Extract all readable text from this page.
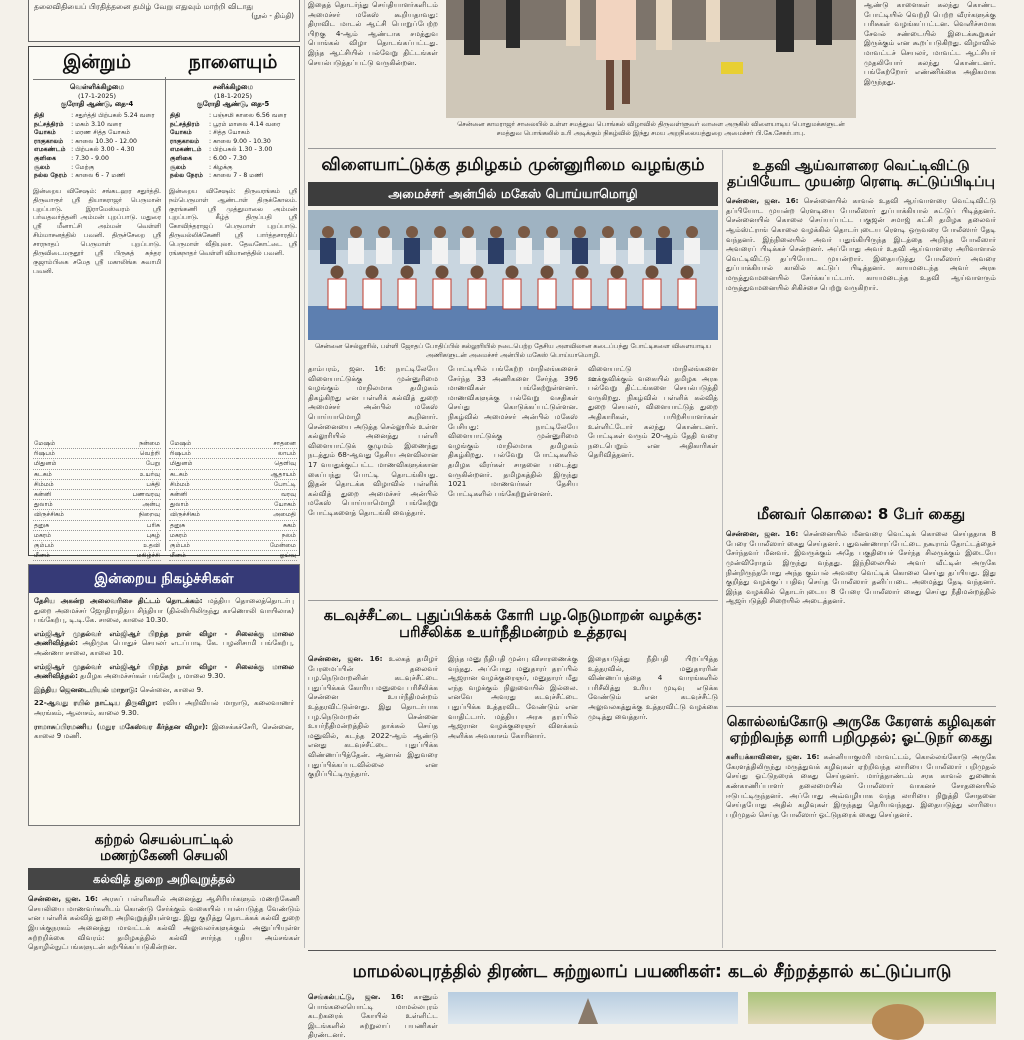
தலைவிதியைப் பிரதித்தனை தமிழ் வேறு எதுவும் மாற்றி விடாது
(நூல் - திம்தி)
இன்றும்	நாளையும்
வெள்ளிக்கிழமை
(17-1-2025)
குரோதி ஆண்டு, தை-4
திதி	: சதுர்த்தி பிற்பகல் 5.24 வரை
நட்சத்திரம்	: மகம் 3.10 வரை
யோகம்	: மரண சித்த யோகம்
ராகுகாலம்	: காலை 10.30 - 12.00
எமகண்டம்	: பிற்பகல் 3.00 - 4.30
குளிகை	: 7.30 - 9.00
சூலம்	: மேற்கு
நல்ல நேரம்	: காலை 6 - 7 மணி
இன்றைய விசேஷம்: சங்கடஹர சதுர்த்தி. திருவாரூர் ஸ்ரீ தியாகராஜர் பெருமான் புறப்பாடு. இராமேஸ்வரம் ஸ்ரீ பர்வதவர்த்தனி அம்மன் புறப்பாடு. மதுரை ஸ்ரீ மீனாட்சி அம்மன் வெள்ளி சிம்மாசனத்தில் பவனி. திருச்சேறை ஸ்ரீ சாரநாதப் பெருமாள் புறப்பாடு. திருவிடைமருதூர் ஸ்ரீ பிருகத் சுந்தர குஜாம்பிகை சமேத ஸ்ரீ மகாலிங்க சுவாமி பவனி.
சனிக்கிழமை
(18-1-2025)
குரோதி ஆண்டு, தை-5
திதி	: பஞ்சமி காலை 6.56 வரை
நட்சத்திரம்	: பூரம் மாலை 4.14 வரை
யோகம்	: சித்த யோகம்
ராகுகாலம்	: காலை 9.00 - 10.30
எமகண்டம்	: பிற்பகல் 1.30 - 3.00
குளிகை	: 6.00 - 7.30
சூலம்	: கிழக்கு
நல்ல நேரம்	: காலை 7 - 8 மணி
இன்றைய விசேஷம்: திருவரங்கம் ஸ்ரீ நம்பெருமாள் ஆண்டாள் திருக்கோலம். குரங்கணி ஸ்ரீ முத்துமாலை அம்மன் புறப்பாடு. கீழ்த் திருப்பதி ஸ்ரீ கோவிந்தராஜப் பெருமாள் புறப்பாடு. திருவல்லிக்கேணி ஸ்ரீ பார்த்தசாரதிப் பெருமாள் வீதியுலா. தேவகோட்டை ஸ்ரீ ரங்கநாதர் வெள்ளி விமானத்தில் பவனி.
மேஷம்	நன்மை
ரிஷபம்	வெற்றி
மிதுனம்	பேறு
கடகம்	உயர்வு
சிம்மம்	பக்தி
கன்னி	பணவரவு
துலாம்	அன்பு
விருச்சிகம்	நிறைவு
தனுசு	பரிசு
மகரம்	புகழ்
கும்பம்	உதவி
மீனம்	மகிழ்ச்சி
மேஷம்	சாதனை
ரிஷபம்	லாபம்
மிதுனம்	தெளிவு
கடகம்	ஆதாயம்
சிம்மம்	போட்டி
கன்னி	வரவு
துலாம்	யோகம்
விருச்சிகம்	அமைதி
தனுசு	சுகம்
மகரம்	நலம்
கும்பம்	மேன்மை
மீனம்	ஓய்வு
இன்றைய நிகழ்ச்சிகள்

தேசிய அகன்ற அலைவரிசை திட்டம் தொடக்கம்: மத்திய தொலைத்தொடர்பு துறை அமைச்சர் ஜோதிராதித்ய சிந்தியா (தில்லியிலிருந்து காணொலி வாயிலாக) பங்கேற்பு, டி.டி.கே. சாலை, காலை 10.30.

எம்ஜிஆர் முதல்வர் எம்ஜிஆர் பிறந்த நாள் விழா - சிலைக்கு மாலை அணிவித்தல்: அதிமுக பொதுச் செயலர் எடப்பாடி கே. பழனிசாமி பங்கேற்பு, அண்ணா சாலை, காலை 10.

எம்ஜிஆர் முதல்வர் எம்ஜிஆர் பிறந்த நாள் விழா - சிலைக்கு மாலை அணிவித்தல்: தமிழக அமைச்சர்கள் பங்கேற்பு, மாலை 9.30.

இந்திய ஜெனடையியல் மாநாடு: சென்னை, காலை 9.

22-ஆவது ரயில் நாட்டிய திருவிழா: ரவிய அறிவியல் மாநாடு, கலைவாணர் அரங்கம், ஆலாசம், காலை 9.30.

ராமாசுப்பிரமணிய (மதுர மகேஸ்வர கீர்த்தன விழா): இசைக்கச்சேரி, சென்னை, காலை 9 மணி.

கற்றல் செயல்பாட்டில்
மணற்கேணி செயலி
கல்வித் துறை அறிவுறுத்தல்
சென்னை, ஜன. 16: அரசுப் பள்ளிகளில் அனைத்து ஆசிரியர்களும் மணற்கேணி செயலியை மாணவர்களிடம் கொண்டு சேர்க்கும் வகையில் பயன்படுத்த வேண்டும் என பள்ளிக் கல்வித் துறை அறிவுறுத்தியுள்ளது. இது குறித்து தொடக்கக் கல்வி துறை இயக்குநரகம் அனைத்து மாவட்டக் கல்வி அலுவலர்களுக்கும் அனுப்பியுள்ள சுற்றறிக்கை விவரம்: தமிழகத்தில் கல்வி சார்ந்த புதிய அம்சங்கள் தொழில்நுட்பங்களுடன் கற்பிக்கப்படுகின்றன.
இதைத் தொடர்ந்து செய்தியாளர்களிடம் அமைச்சர் மகேஸ் கூறியதாவது: திராவிட மாடல் ஆட்சி பொறுப்பேற்ற பிறகு 4-ஆம் ஆண்டாக சமத்துவ பொங்கல் விழா தொடங்கப்பட்டது. இந்த ஆட்சியில் பல்வேறு திட்டங்கள் செயல்படுத்தப்பட்டு வருகின்றன.
சென்னை காமராஜர் சாலையில் உள்ள சமத்துவ பொங்கல் விழாவில் திருவள்ளுவர் வாளை அருகில் விளையாடிய பொதுமக்களுடன் சமத்துவ பொங்கலில் உரி அடிக்கும் நிகழ்வில் இந்து சமய அறநிலையத்துறை அமைச்சர் பி.கே.சேகர்பாபு.
ஆண்டு காளைகள் கலந்து கொண்ட போட்டியில் வெற்றி பெற்ற வீரர்களுக்கு பரிசுகள் வழங்கப்பட்டன. வெளிச்சமாக சேவல் சண்டையில் இடைக்கூறுகள் இருக்கும் என கூறப்படுகிறது. விழாவில் மாவட்டச் செயலர், மாவட்ட ஆட்சியர் முதலியோர் கலந்து கொண்டனர். பங்கேற்றோர் எண்ணிக்கை அதிகமாக இருந்தது.
விளையாட்டுக்கு தமிழகம் முன்னுரிமை வழங்கும்
அமைச்சர் அன்பில் மகேஸ் பொய்யாமொழி
சென்னை செல்லூரில், பள்ளி ஜோதப் போதிப்பில் கல்லூரியில் நடைபெற்ற தேசிய அளவிலான கடைப்பந்து போட்டிகளை விளையாடிய அணிகளுடன் அமைச்சர் அன்பில் மகேஸ் பொய்யாமொழி.
தாம்பரம், ஜன. 16: நாட்டிலேயே விளையாட்டுக்கு முன்னுரிமை வழங்கும் மாநிலமாக தமிழகம் திகழ்கிறது என பள்ளிக் கல்வித் துறை அமைச்சர் அன்பில் மகேஸ் பொய்யாமொழி கூறினார். சென்னையை அடுத்த செல்லூரில் உள்ள கல்லூரியில் அனைத்து பள்ளி விளையாட்டுக் குழுமம் இணைந்து நடத்தும் 68-ஆவது தேசிய அளவிலான 17 வயதுக்குட்பட்ட மாணவிகளுக்கான கைப்பந்து போட்டி தொடங்கியது. இதன் தொடக்க விழாவில் பள்ளிக் கல்வித் துறை அமைச்சர் அன்பில் மகேஸ் பொய்யாமொழி பங்கேற்று போட்டிகளைத் தொடங்கி வைத்தார்.
போட்டியில் பங்கேற்ற மாநிலங்களைச் சேர்ந்த 33 அணிகளை சேர்ந்த 396 மாணவிகள் பங்கேற்றுள்ளனர். மாணவிகளுக்கு பல்வேறு வசதிகள் செய்து கொடுக்கப்பட்டுள்ளன. நிகழ்வில் அமைச்சர் அன்பில் மகேஸ் பேசியது: நாட்டிலேயே விளையாட்டுக்கு முன்னுரிமை வழங்கும் மாநிலமாக தமிழகம் திகழ்கிறது. பல்வேறு போட்டிகளில் தமிழக வீரர்கள் சாதனை படைத்து வருகின்றனர். தமிழகத்தில் இருந்து 1021 மாணவர்கள் தேசிய போட்டிகளில் பங்கேற்றுள்ளனர்.
விளையாட்டு மாநிலங்களை ஊக்குவிக்கும் வகையில் தமிழக அரசு பல்வேறு திட்டங்களை செயல்படுத்தி வருகிறது. நிகழ்வில் பள்ளிக் கல்வித் துறை செயலர், விளையாட்டுத் துறை அதிகாரிகள், பயிற்சியாளர்கள் உள்ளிட்டோர் கலந்து கொண்டனர். போட்டிகள் வரும் 20-ஆம் தேதி வரை நடைபெறும் என அதிகாரிகள் தெரிவித்தனர்.
உதவி ஆய்வாளரை வெட்டிவிட்டு
தப்பியோட முயன்ற ரௌடி சுட்டுப்பிடிப்பு
சென்னை, ஜன. 16: சென்னையில் காவல் உதவி ஆய்வாளரை வெட்டிவிட்டு தப்பியோட முயன்ற ரௌடியை போலீஸார் துப்பாக்கியால் சுட்டுப் பிடித்தனர். சென்னையில் கொலை செய்யப்பட்ட பகுஜன் சமாஜ் கட்சி தமிழக தலைவர் ஆம்ஸ்ட்ராங் கொலை வழக்கில் தொடர்புடைய ரௌடி ஒருவரை போலீஸார் தேடி வந்தனர். இந்நிலையில் அவர் பதுங்கியிருந்த இடத்தை அறிந்த போலீஸார் அவரைப் பிடிக்கச் சென்றனர். அப்போது அவர் உதவி ஆய்வாளரை அரிவாளால் வெட்டிவிட்டு தப்பியோட முயன்றார். இதையடுத்து போலீஸார் அவரை துப்பாக்கியால் காலில் சுட்டுப் பிடித்தனர். காயமடைந்த அவர் அரசு மருத்துவமனையில் சேர்க்கப்பட்டார். காயமடைந்த உதவி ஆய்வாளரும் மருத்துவமனையில் சிகிச்சை பெற்று வருகிறார்.
மீனவர் கொலை: 8 பேர் கைது
சென்னை, ஜன. 16: சென்னையில் மீனவரை வெட்டிக் கொலை செய்ததாக 8 பேரை போலீஸார் கைது செய்தனர். புதுவண்ணாரப்பேட்டை நகூராம் தோட்டத்தைச் சேர்ந்தவர் மீனவர். இவருக்கும் அதே பகுதியைச் சேர்ந்த சிலருக்கும் இடையே முன்விரோதம் இருந்து வந்தது. இந்நிலையில் அவர் வீட்டின் அருகே நின்றிருந்தபோது அந்த கும்பல் அவரை வெட்டிக் கொலை செய்து தப்பியது. இது குறித்து வழக்குப் பதிவு செய்த போலீஸார் தனிப்படை அமைத்து தேடி வந்தனர். இந்த வழக்கில் தொடர்புடைய 8 பேரை போலீஸார் கைது செய்து நீதிமன்றத்தில் ஆஜர்படுத்தி சிறையில் அடைத்தனர்.
கொல்லங்கோடு அருகே கேரளக் கழிவுகள்
ஏற்றிவந்த லாரி பறிமுதல்; ஓட்டுநர் கைது
களியக்காவிளை, ஜன. 16: கன்னியாகுமரி மாவட்டம், கொல்லங்கோடு அருகே கேரளத்திலிருந்து மருத்துவக் கழிவுகள் ஏற்றிவந்த லாரியை போலீஸார் பறிமுதல் செய்து ஓட்டுநரைக் கைது செய்தனர். மார்த்தாண்டம் சரக காவல் துணைக் கண்காணிப்பாளர் தலைமையில் போலீஸார் வாகனச் சோதனையில் ஈடுபட்டிருந்தனர். அப்போது அவ்வழியாக வந்த லாரியை நிறுத்தி சோதனை செய்தபோது அதில் கழிவுகள் இருந்தது தெரியவந்தது. இதையடுத்து லாரியை பறிமுதல் செய்த போலீஸார் ஓட்டுநரைக் கைது செய்தனர்.
கடவுச்சீட்டை புதுப்பிக்கக் கோரி பழ.நெடுமாறன் வழக்கு:
பரிசீலிக்க உயர்நீதிமன்றம் உத்தரவு
சென்னை, ஜன. 16: உலகத் தமிழர் பேரமைப்பின் தலைவர் பழ.நெடுமாறனின் கடவுச்சீட்டை புதுப்பிக்கக் கோரிய மனுவை பரிசீலிக்க சென்னை உயர்நீதிமன்றம் உத்தரவிட்டுள்ளது. இது தொடர்பாக பழ.நெடுமாறன் சென்னை உயர்நீதிமன்றத்தில் தாக்கல் செய்த மனுவில், கடந்த 2022-ஆம் ஆண்டு எனது கடவுச்சீட்டை புதுப்பிக்க விண்ணப்பித்தேன். ஆனால் இதுவரை புதுப்பிக்கப்படவில்லை என குறிப்பிட்டிருந்தார்.
இந்த மனு நீதிபதி முன்பு விசாரணைக்கு வந்தது. அப்போது மனுதாரர் தரப்பில் ஆஜரான வழக்குரைஞர், மனுதாரர் மீது எந்த வழக்கும் நிலுவையில் இல்லை. எனவே அவரது கடவுச்சீட்டை புதுப்பிக்க உத்தரவிட வேண்டும் என வாதிட்டார். மத்திய அரசு தரப்பில் ஆஜரான வழக்குரைஞர் விளக்கம் அளிக்க அவகாசம் கோரினார்.
இதையடுத்து நீதிபதி பிறப்பித்த உத்தரவில், மனுதாரரின் விண்ணப்பத்தை 4 வாரங்களில் பரிசீலித்து உரிய முடிவு எடுக்க வேண்டும் என கடவுச்சீட்டு அலுவலகத்துக்கு உத்தரவிட்டு வழக்கை முடித்து வைத்தார்.
மாமல்லபுரத்தில் திரண்ட சுற்றுலாப் பயணிகள்: கடல் சீற்றத்தால் கட்டுப்பாடு
செங்கல்பட்டு, ஜன. 16: காணும் பொங்கலையொட்டி மாமல்லபுரம் கடற்கரைக் கோயில் உள்ளிட்ட இடங்களில் சுற்றுலாப் பயணிகள் திரண்டனர்.
